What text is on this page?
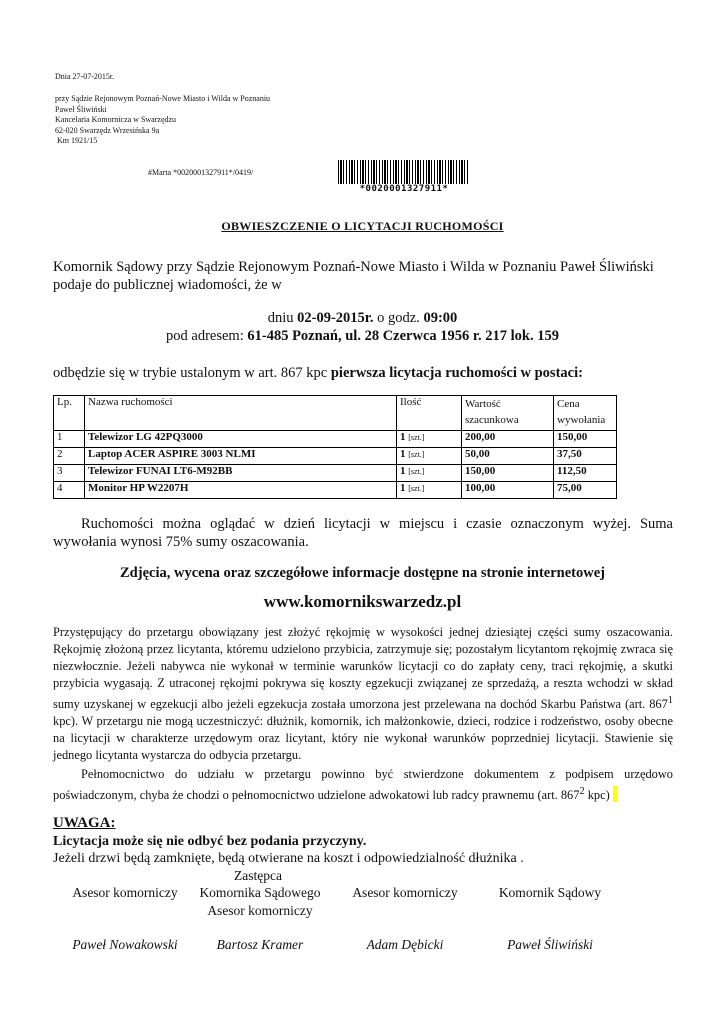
Dnia 27-07-2015r.
przy Sądzie Rejonowym Poznań-Nowe Miasto i Wilda w Poznaniu
Paweł Śliwiński
Kancelaria Komornicza w Swarzędzu
62-020 Swarzędz Wrzesińska 9a
Km 1921/15
#Marta *0020001327911*/0419/
*0020001327911*
OBWIESZCZENIE O LICYTACJI RUCHOMOŚCI
Komornik Sądowy przy Sądzie Rejonowym Poznań-Nowe Miasto i Wilda w Poznaniu Paweł Śliwiński podaje do publicznej wiadomości, że w
dniu 02-09-2015r. o godz. 09:00
pod adresem: 61-485 Poznań, ul. 28 Czerwca 1956 r. 217 lok. 159
odbędzie się w trybie ustalonym w art. 867 kpc pierwsza licytacja ruchomości w postaci:
Lp.	Nazwa ruchomości	Ilość	Wartość szacunkowa	Cena wywołania
1	Telewizor LG 42PQ3000	1 [szt.]	200,00	150,00
2	Laptop ACER ASPIRE 3003 NLMI	1 [szt.]	50,00	37,50
3	Telewizor FUNAI LT6-M92BB	1 [szt.]	150,00	112,50
4	Monitor HP W2207H	1 [szt.]	100,00	75,00
Ruchomości można oglądać w dzień licytacji w miejscu i czasie oznaczonym wyżej. Suma wywołania wynosi 75% sumy oszacowania.
Zdjęcia, wycena oraz szczegółowe informacje dostępne na stronie internetowej
www.komornikswarzedz.pl
Przystępujący do przetargu obowiązany jest złożyć rękojmię w wysokości jednej dziesiątej części sumy oszacowania. Rękojmię złożoną przez licytanta, któremu udzielono przybicia, zatrzymuje się; pozostałym licytantom rękojmię zwraca się niezwłocznie. Jeżeli nabywca nie wykonał w terminie warunków licytacji co do zapłaty ceny, traci rękojmię, a skutki przybicia wygasają. Z utraconej rękojmi pokrywa się koszty egzekucji związanej ze sprzedażą, a reszta wchodzi w skład sumy uzyskanej w egzekucji albo jeżeli egzekucja została umorzona jest przelewana na dochód Skarbu Państwa (art. $867^1$ kpc). W przetargu nie mogą uczestniczyć: dłużnik, komornik, ich małżonkowie, dzieci, rodzice i rodzeństwo, osoby obecne na licytacji w charakterze urzędowym oraz licytant, który nie wykonał warunków poprzedniej licytacji. Stawienie się jednego licytanta wystarcza do odbycia przetargu.
Pełnomocnictwo do udziału w przetargu powinno być stwierdzone dokumentem z podpisem urzędowo poświadczonym, chyba że chodzi o pełnomocnictwo udzielone adwokatowi lub radcy prawnemu (art. $867^2$ kpc)
UWAGA:
Licytacja może się nie odbyć bez podania przyczyny.
Jeżeli drzwi będą zamknięte, będą otwierane na koszt i odpowiedzialność dłużnika .
Zastępca
Asesor komorniczy	Komornika Sądowego	Asesor komorniczy	Komornik Sądowy
Asesor komorniczy
Paweł Nowakowski	Bartosz Kramer	Adam Dębicki	Paweł Śliwiński
